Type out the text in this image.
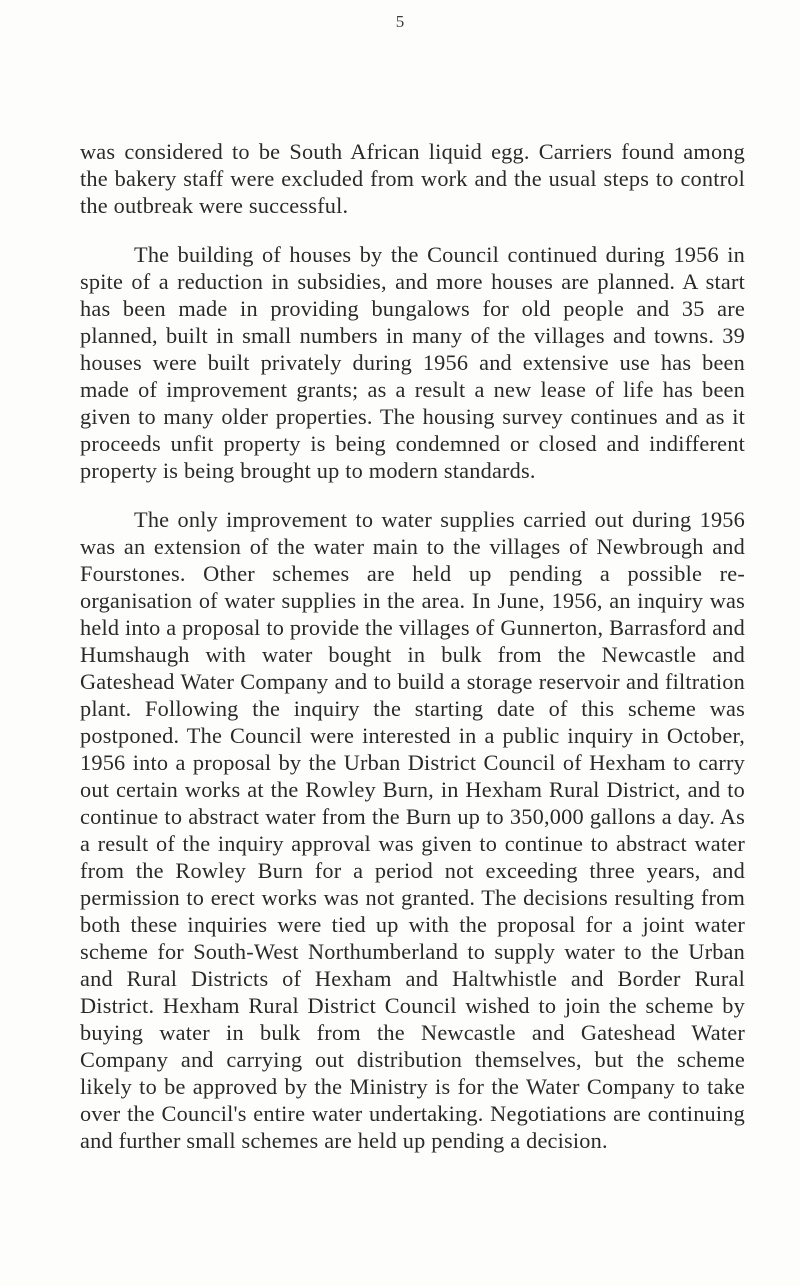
5

was considered to be South African liquid egg. Carriers found among the bakery staff were excluded from work and the usual steps to control the outbreak were successful.

The building of houses by the Council continued during 1956 in spite of a reduction in subsidies, and more houses are planned. A start has been made in providing bungalows for old people and 35 are planned, built in small numbers in many of the villages and towns. 39 houses were built privately during 1956 and extensive use has been made of improvement grants; as a result a new lease of life has been given to many older properties. The housing survey continues and as it proceeds unfit property is being condemned or closed and indifferent property is being brought up to modern standards.

The only improvement to water supplies carried out during 1956 was an extension of the water main to the villages of Newbrough and Fourstones. Other schemes are held up pending a possible re-organisation of water supplies in the area. In June, 1956, an inquiry was held into a proposal to provide the villages of Gunnerton, Barrasford and Humshaugh with water bought in bulk from the Newcastle and Gateshead Water Company and to build a storage reservoir and filtration plant. Following the inquiry the starting date of this scheme was postponed. The Council were interested in a public inquiry in October, 1956 into a proposal by the Urban District Council of Hexham to carry out certain works at the Rowley Burn, in Hexham Rural District, and to continue to abstract water from the Burn up to 350,000 gallons a day. As a result of the inquiry approval was given to continue to abstract water from the Rowley Burn for a period not exceeding three years, and permission to erect works was not granted. The decisions resulting from both these inquiries were tied up with the proposal for a joint water scheme for South-West Northumberland to supply water to the Urban and Rural Districts of Hexham and Haltwhistle and Border Rural District. Hexham Rural District Council wished to join the scheme by buying water in bulk from the Newcastle and Gateshead Water Company and carrying out distribution themselves, but the scheme likely to be approved by the Ministry is for the Water Company to take over the Council's entire water undertaking. Negotiations are continuing and further small schemes are held up pending a decision.
